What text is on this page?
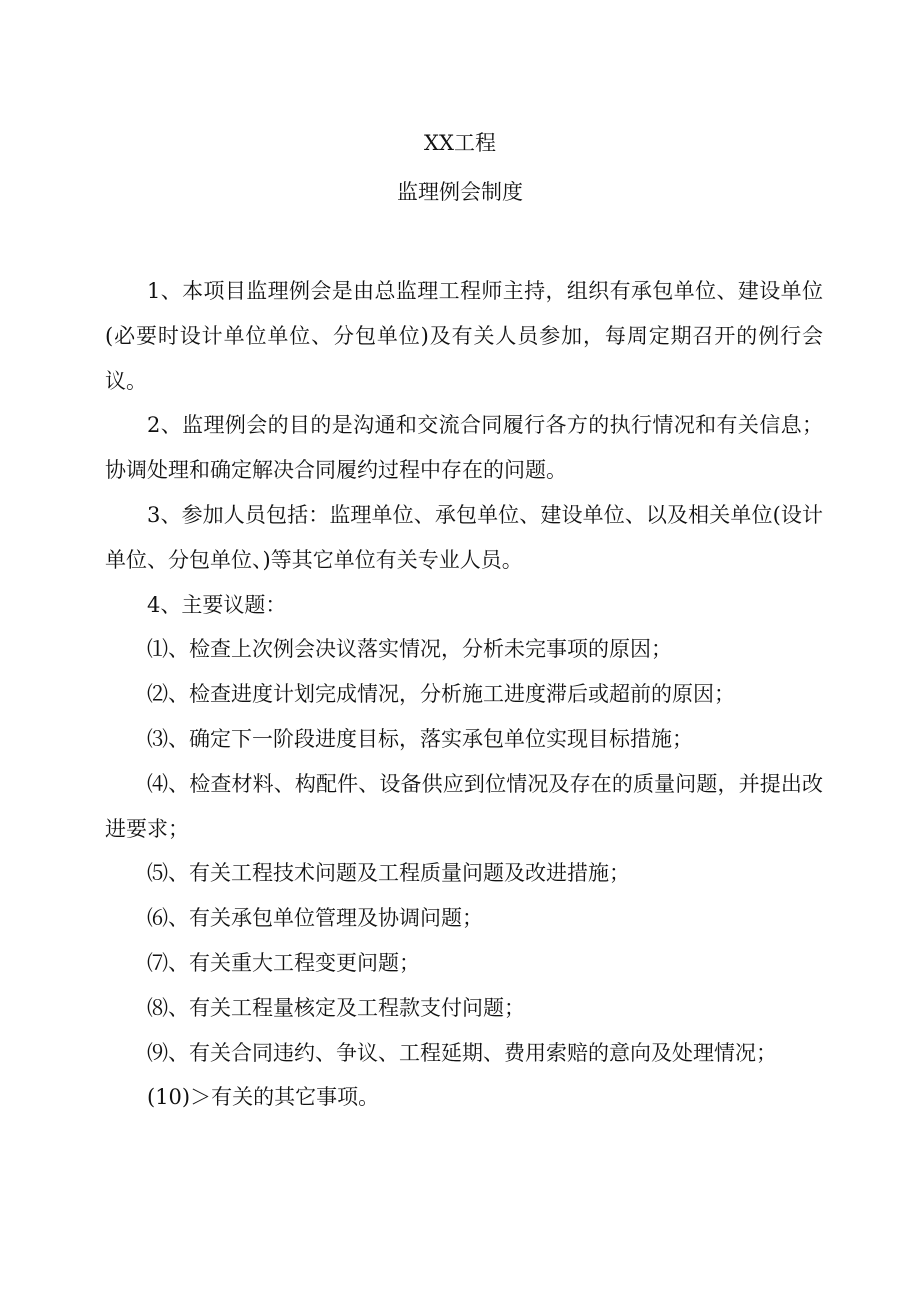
XX工程
监理例会制度

1、本项目监理例会是由总监理工程师主持，组织有承包单位、建设单位(必要时设计单位单位、分包单位)及有关人员参加，每周定期召开的例行会议。

2、监理例会的目的是沟通和交流合同履行各方的执行情况和有关信息；协调处理和确定解决合同履约过程中存在的问题。

3、参加人员包括：监理单位、承包单位、建设单位、以及相关单位(设计单位、分包单位、)等其它单位有关专业人员。

4、主要议题：

⑴、检查上次例会决议落实情况，分析未完事项的原因；

⑵、检查进度计划完成情况，分析施工进度滞后或超前的原因；

⑶、确定下一阶段进度目标，落实承包单位实现目标措施；

⑷、检查材料、构配件、设备供应到位情况及存在的质量问题，并提出改进要求；

⑸、有关工程技术问题及工程质量问题及改进措施；

⑹、有关承包单位管理及协调问题；

⑺、有关重大工程变更问题；

⑻、有关工程量核定及工程款支付问题；

⑼、有关合同违约、争议、工程延期、费用索赔的意向及处理情况；

(10)＞有关的其它事项。
